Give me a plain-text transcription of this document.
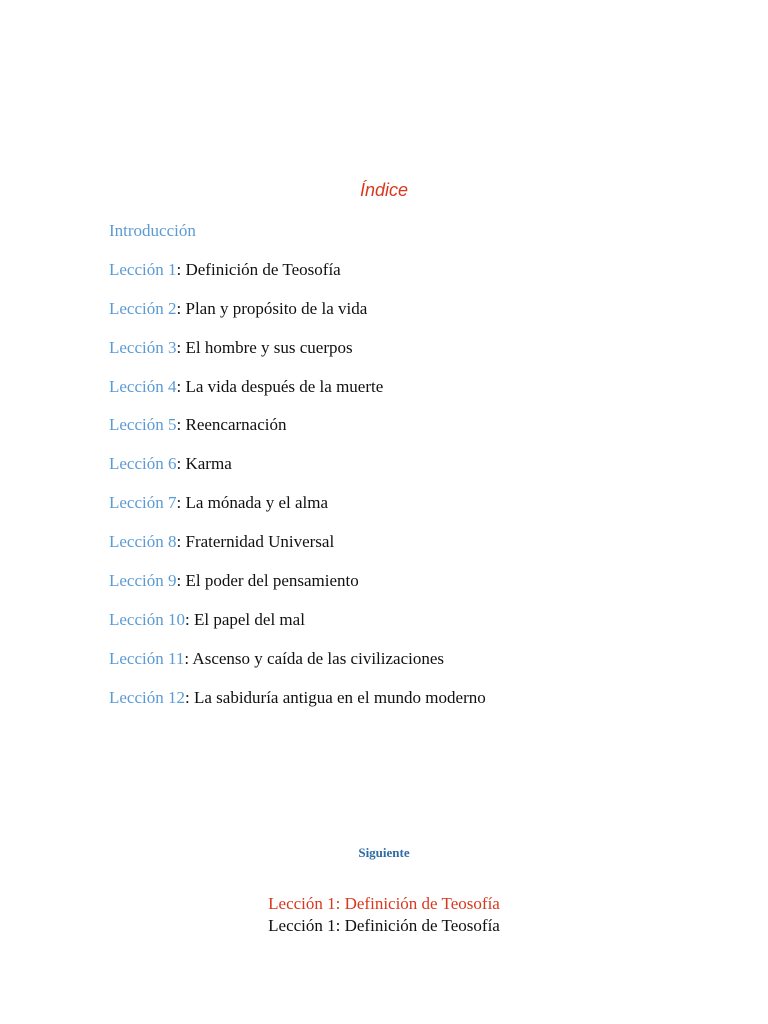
Índice
Introducción
Lección 1: Definición de Teosofía
Lección 2: Plan y propósito de la vida
Lección 3: El hombre y sus cuerpos
Lección 4: La vida después de la muerte
Lección 5: Reencarnación
Lección 6: Karma
Lección 7: La mónada y el alma
Lección 8: Fraternidad Universal
Lección 9: El poder del pensamiento
Lección 10: El papel del mal
Lección 11: Ascenso y caída de las civilizaciones
Lección 12: La sabiduría antigua en el mundo moderno
Siguiente
Lección 1: Definición de Teosofía
Lección 1: Definición de Teosofía
